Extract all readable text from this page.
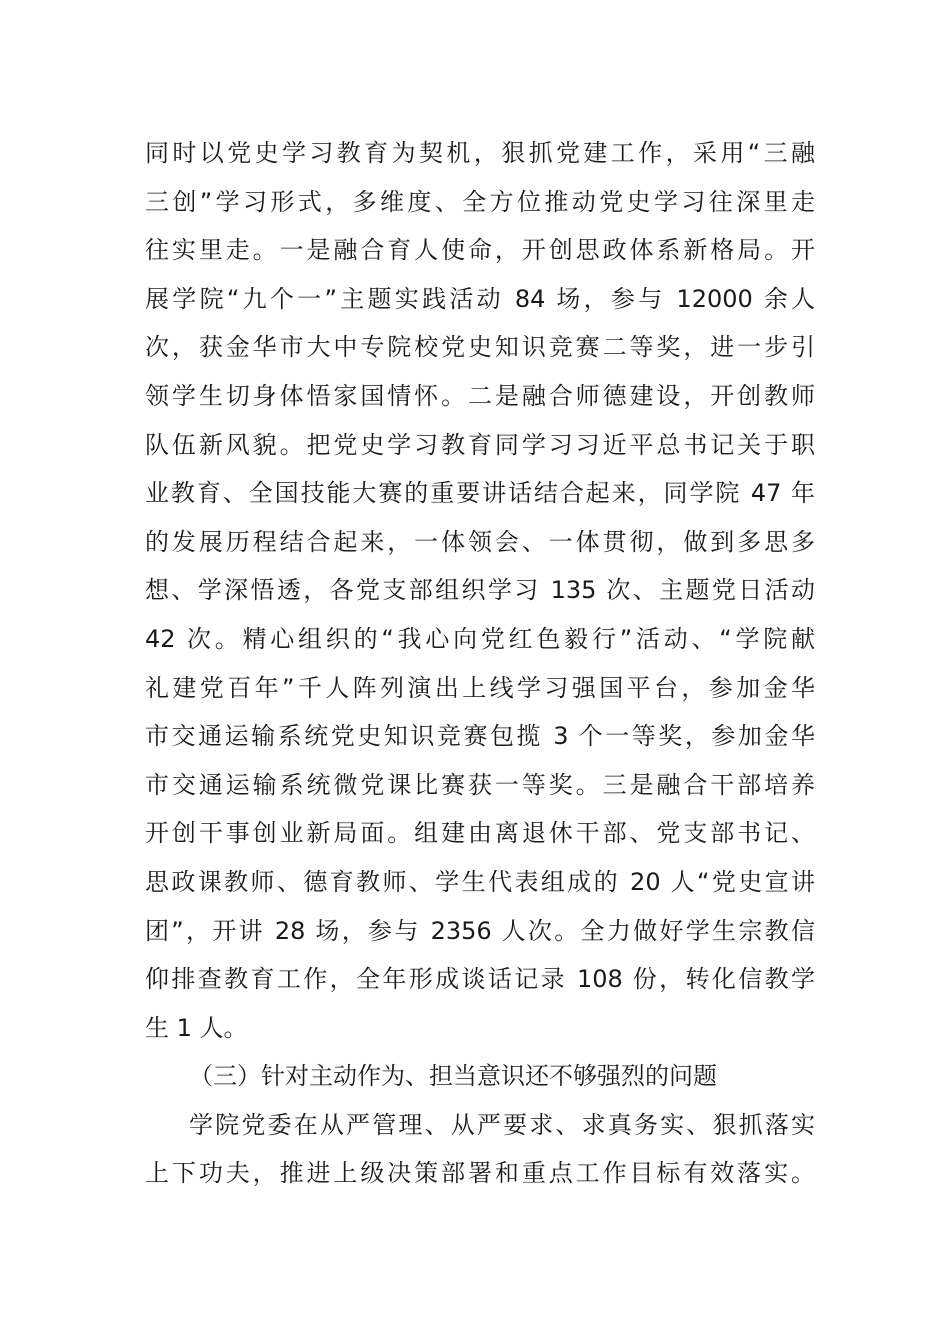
同时以党史学习教育为契机，狠抓党建工作，采用“三融
三创”学习形式，多维度、全方位推动党史学习往深里走
往实里走。一是融合育人使命，开创思政体系新格局。开
展学院“九个一”主题实践活动 84 场，参与 12000 余人
次，获金华市大中专院校党史知识竞赛二等奖，进一步引
领学生切身体悟家国情怀。二是融合师德建设，开创教师
队伍新风貌。把党史学习教育同学习习近平总书记关于职
业教育、全国技能大赛的重要讲话结合起来，同学院 47 年
的发展历程结合起来，一体领会、一体贯彻，做到多思多
想、学深悟透，各党支部组织学习 135 次、主题党日活动
42 次。精心组织的“我心向党红色毅行”活动、“学院献
礼建党百年”千人阵列演出上线学习强国平台，参加金华
市交通运输系统党史知识竞赛包揽 3 个一等奖，参加金华
市交通运输系统微党课比赛获一等奖。三是融合干部培养
开创干事创业新局面。组建由离退休干部、党支部书记、
思政课教师、德育教师、学生代表组成的 20 人“党史宣讲
团”，开讲 28 场，参与 2356 人次。全力做好学生宗教信
仰排查教育工作，全年形成谈话记录 108 份，转化信教学
生 1 人。
（三）针对主动作为、担当意识还不够强烈的问题
学院党委在从严管理、从严要求、求真务实、狠抓落实
上下功夫，推进上级决策部署和重点工作目标有效落实。
